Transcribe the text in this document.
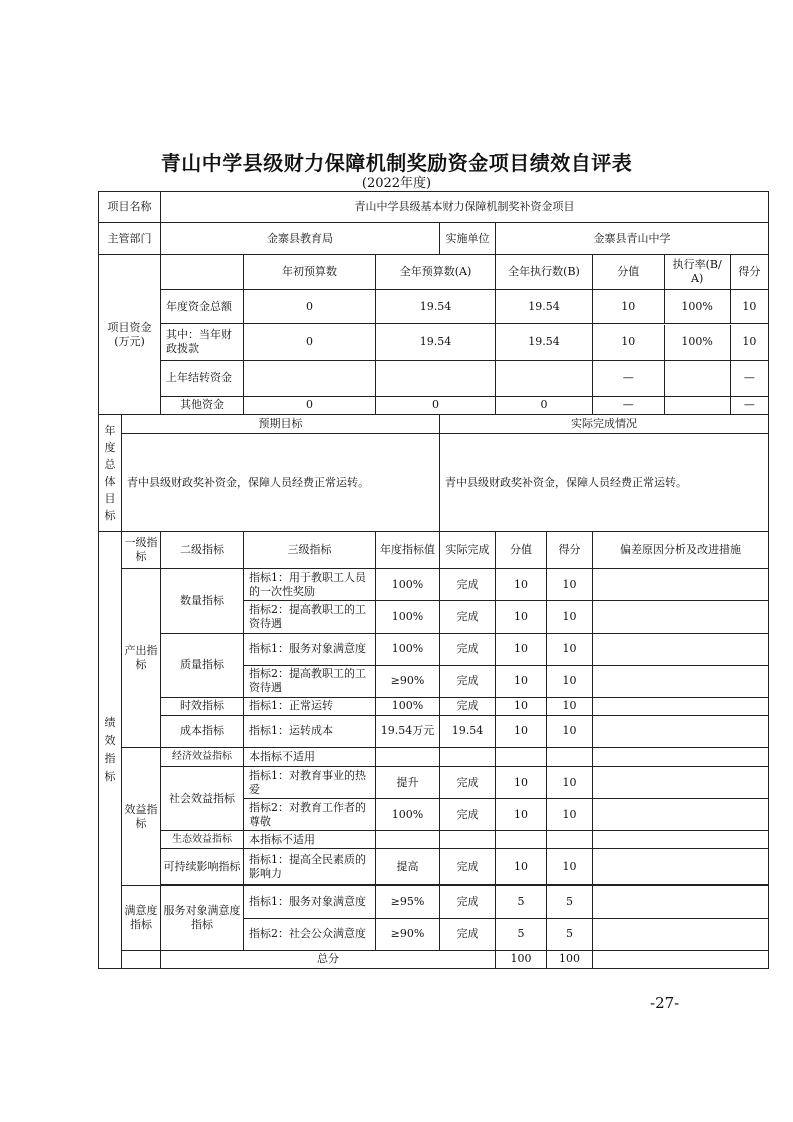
青山中学县级财力保障机制奖励资金项目绩效自评表
(2022年度)
项目名称	青山中学县级基本财力保障机制奖补资金项目
主管部门	金寨县教育局	实施单位	金寨县青山中学
项目资金(万元)		年初预算数	全年预算数(A)	全年执行数(B)		分值	执行率(B/A)	得分

年度资金总额	0	19.54	19.54		10	100%	10

其中：当年财政拨款	0	19.54	19.54		10	100%	10

上年结转资金					—		—

其他资金	0	0	0		—		—

年度总体目标	预期目标	实际完成情况
青中县级财政奖补资金，保障人员经费正常运转。	青中县级财政奖补资金，保障人员经费正常运转。
绩效指标	一级指标	二级指标	三级指标	年度指标值	实际完成	分值	得分	偏差原因分析及改进措施
产出指标	数量指标	指标1：用于教职工人员的一次性奖励	100%	完成	10	10	
指标2：提高教职工的工资待遇	100%	完成	10	10	
质量指标	指标1：服务对象满意度	100%	完成	10	10	
指标2：提高教职工的工资待遇	≥90%	完成	10	10	
时效指标	指标1：正常运转	100%	完成	10	10	
成本指标	指标1：运转成本	19.54万元	19.54	10	10	
效益指标	经济效益指标	本指标不适用					
社会效益指标	指标1：对教育事业的热爱	提升	完成	10	10	
指标2：对教育工作者的尊敬	100%	完成	10	10	
生态效益指标	本指标不适用					
可持续影响指标	指标1：提高全民素质的影响力	提高	完成	10	10	

满意度指标	服务对象满意度指标	指标1：服务对象满意度	≥95%	完成	5	5	
指标2：社会公众满意度	≥90%	完成	5	5	
	总分	100	100	
-27-
